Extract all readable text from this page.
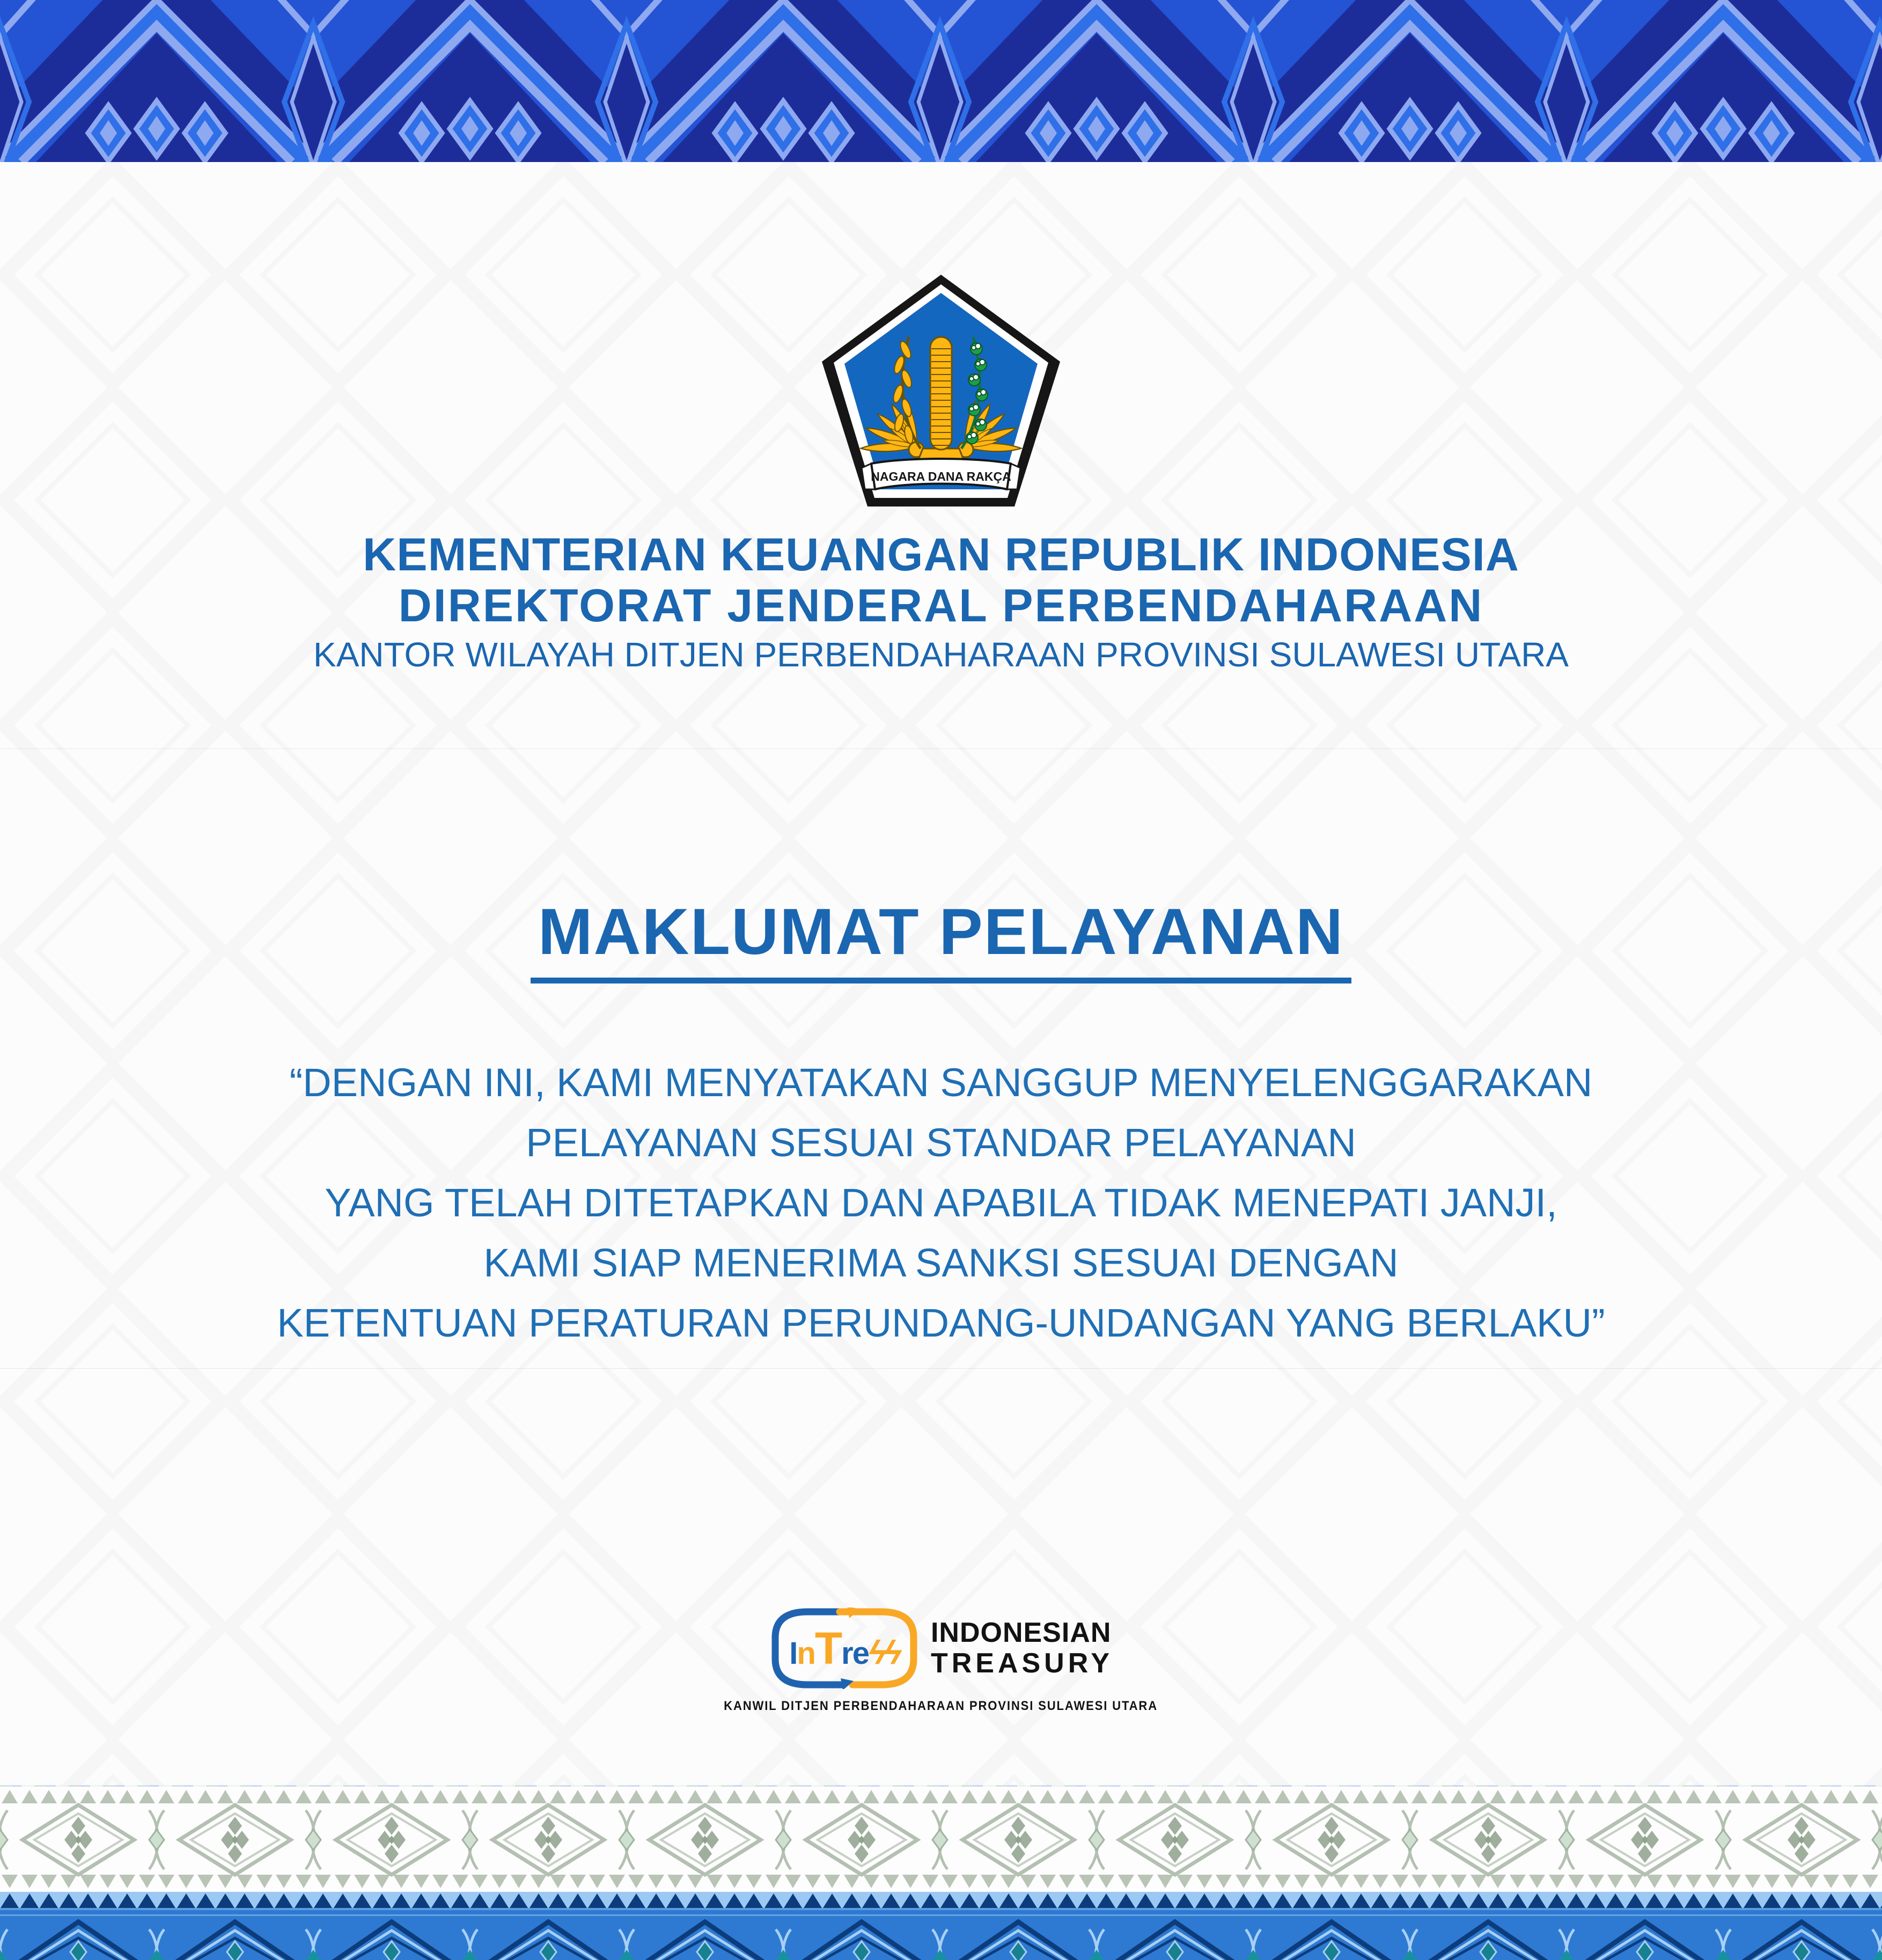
NAGARA DANA RAKÇA
KEMENTERIAN KEUANGAN REPUBLIK INDONESIA
DIREKTORAT JENDERAL PERBENDAHARAAN
KANTOR WILAYAH DITJEN PERBENDAHARAAN PROVINSI SULAWESI UTARA
MAKLUMAT PELAYANAN
“DENGAN INI, KAMI MENYATAKAN SANGGUP MENYELENGGARAKAN
PELAYANAN SESUAI STANDAR PELAYANAN
YANG TELAH DITETAPKAN DAN APABILA TIDAK MENEPATI JANJI,
KAMI SIAP MENERIMA SANKSI SESUAI DENGAN
KETENTUAN PERATURAN PERUNDANG-UNDANGAN YANG BERLAKU”
InTreϟϟ
INDONESIAN
TREASURY
KANWIL DITJEN PERBENDAHARAAN PROVINSI SULAWESI UTARA
